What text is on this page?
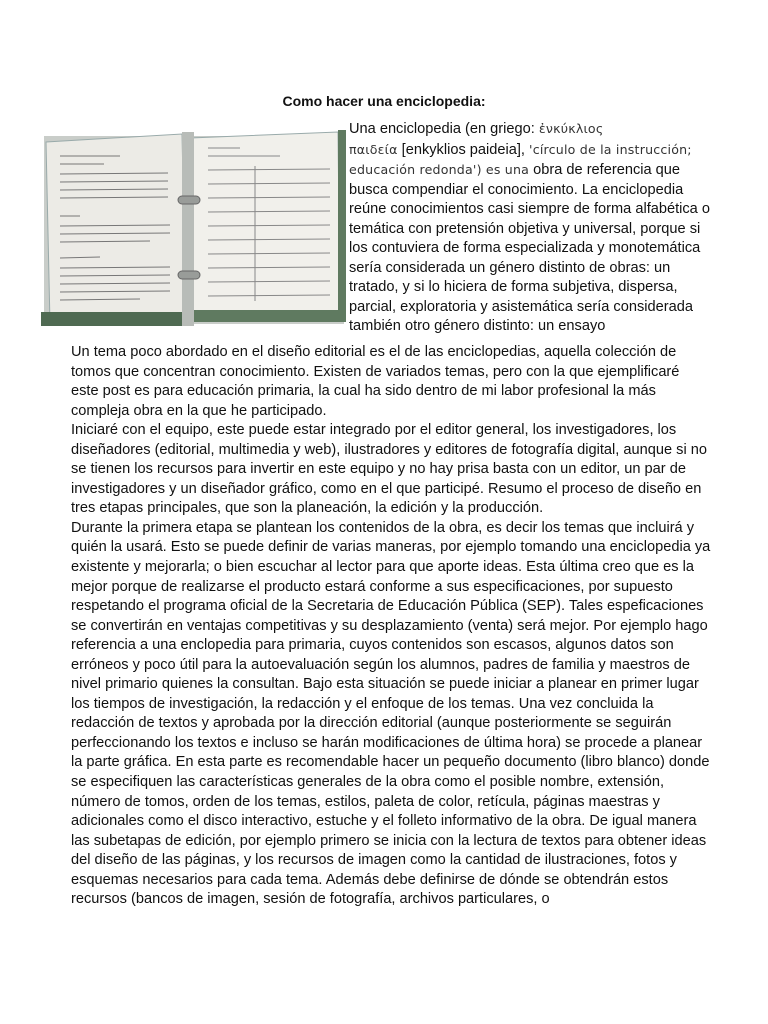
Como hacer una enciclopedia:

Una enciclopedia (en griego: ἐνκύκλιος
παιδεία [enkyklios paideia], 'círculo de la instrucción;
educación redonda') es una obra de referencia que busca compendiar el conocimiento. La enciclopedia reúne conocimientos casi siempre de forma alfabética o temática con pretensión objetiva y universal, porque si los contuviera de forma especializada y monotemática sería considerada un género distinto de obras: un tratado, y si lo hiciera de forma subjetiva, dispersa, parcial, exploratoria y asistemática sería considerada también otro género distinto: un ensayo

Un tema poco abordado en el diseño editorial es el de las enciclopedias, aquella colección de tomos que concentran conocimiento. Existen de variados temas, pero con la que ejemplificaré este post es para educación primaria, la cual ha sido dentro de mi labor profesional la más compleja obra en la que he participado.

Iniciaré con el equipo, este puede estar integrado por el editor general, los investigadores, los diseñadores (editorial, multimedia y web), ilustradores y editores de fotografía digital, aunque si no se tienen los recursos para invertir en este equipo y no hay prisa basta con un editor, un par de investigadores y un diseñador gráfico, como en el que participé. Resumo el proceso de diseño en tres etapas principales, que son la planeación, la edición y la producción.

Durante la primera etapa se plantean los contenidos de la obra, es decir los temas que incluirá y quién la usará. Esto se puede definir de varias maneras, por ejemplo tomando una enciclopedia ya existente y mejorarla; o bien escuchar al lector para que aporte ideas. Esta última creo que es la mejor porque de realizarse el producto estará conforme a sus especificaciones, por supuesto respetando el programa oficial de la Secretaria de Educación Pública (SEP). Tales espeficaciones se convertirán en ventajas competitivas y su desplazamiento (venta) será mejor. Por ejemplo hago referencia a una enclopedia para primaria, cuyos contenidos son escasos, algunos datos son erróneos y poco útil para la autoevaluación según los alumnos, padres de familia y maestros de nivel primario quienes la consultan. Bajo esta situación se puede iniciar a planear en primer lugar los tiempos de investigación, la redacción y el enfoque de los temas. Una vez concluida la redacción de textos y aprobada por la dirección editorial (aunque posteriormente se seguirán perfeccionando los textos e incluso se harán modificaciones de última hora) se procede a planear la parte gráfica. En esta parte es recomendable hacer un pequeño documento (libro blanco) donde se especifiquen las características generales de la obra como el posible nombre, extensión, número de tomos, orden de los temas, estilos, paleta de color, retícula, páginas maestras y adicionales como el disco interactivo, estuche y el folleto informativo de la obra. De igual manera las subetapas de edición, por ejemplo primero se inicia con la lectura de textos para obtener ideas del diseño de las páginas, y los recursos de imagen como la cantidad de ilustraciones, fotos y esquemas necesarios para cada tema. Además debe definirse de dónde se obtendrán estos recursos (bancos de imagen, sesión de fotografía, archivos particulares, o
